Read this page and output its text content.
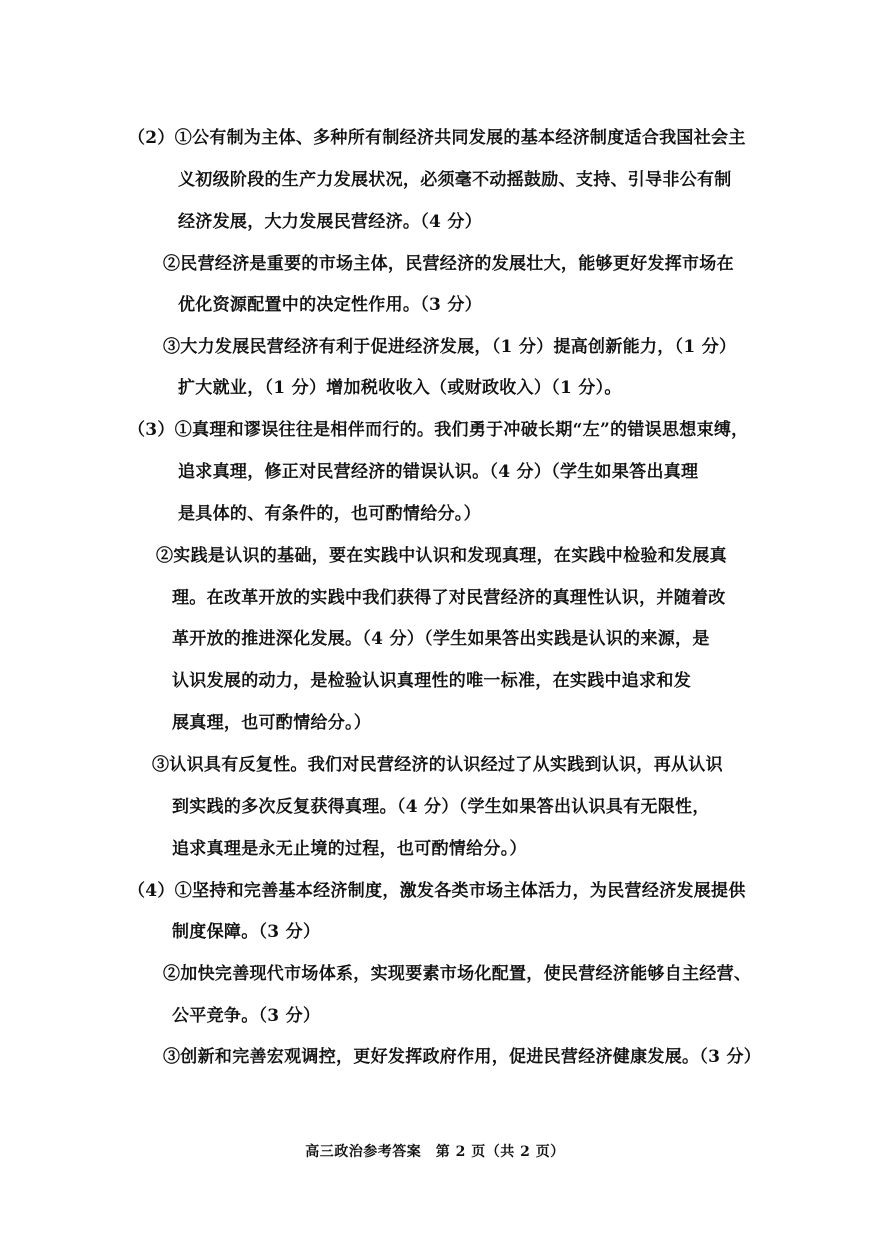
（2）①公有制为主体、多种所有制经济共同发展的基本经济制度适合我国社会主
义初级阶段的生产力发展状况，必须毫不动摇鼓励、支持、引导非公有制
经济发展，大力发展民营经济。（4 分）
②民营经济是重要的市场主体，民营经济的发展壮大，能够更好发挥市场在
优化资源配置中的决定性作用。（3 分）
③大力发展民营经济有利于促进经济发展，（1 分）提高创新能力，（1 分）
扩大就业，（1 分）增加税收收入（或财政收入）（1 分）。
（3）①真理和谬误往往是相伴而行的。我们勇于冲破长期“左”的错误思想束缚，
追求真理，修正对民营经济的错误认识。（4 分）（学生如果答出真理
是具体的、有条件的，也可酌情给分。）
②实践是认识的基础，要在实践中认识和发现真理，在实践中检验和发展真
理。在改革开放的实践中我们获得了对民营经济的真理性认识，并随着改
革开放的推进深化发展。（4 分）（学生如果答出实践是认识的来源，是
认识发展的动力，是检验认识真理性的唯一标准，在实践中追求和发
展真理，也可酌情给分。）
③认识具有反复性。我们对民营经济的认识经过了从实践到认识，再从认识
到实践的多次反复获得真理。（4 分）（学生如果答出认识具有无限性，
追求真理是永无止境的过程，也可酌情给分。）
（4）①坚持和完善基本经济制度，激发各类市场主体活力，为民营经济发展提供
制度保障。（3 分）
②加快完善现代市场体系，实现要素市场化配置，使民营经济能够自主经营、
公平竞争。（3 分）
③创新和完善宏观调控，更好发挥政府作用，促进民营经济健康发展。（3 分）
高三政治参考答案　第 2 页（共 2 页）
